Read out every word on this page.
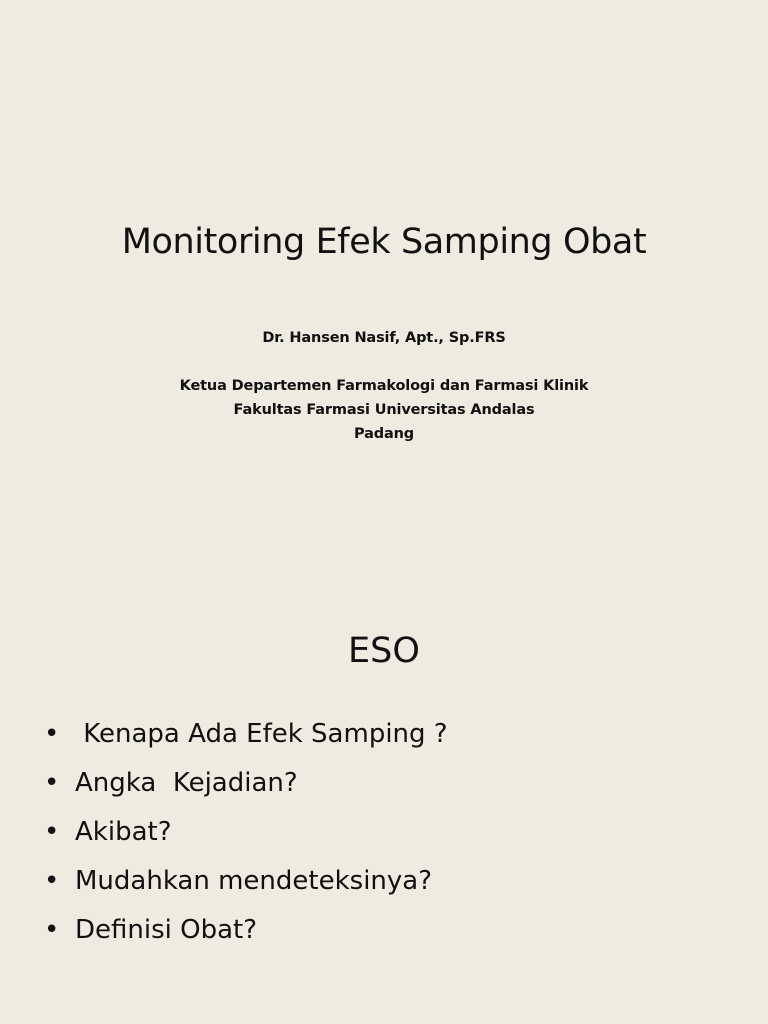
Monitoring Efek Samping Obat
Dr. Hansen Nasif, Apt., Sp.FRS
Ketua Departemen Farmakologi dan Farmasi Klinik
Fakultas Farmasi Universitas Andalas
Padang
ESO
• Kenapa Ada Efek Samping ?
• Angka  Kejadian?
• Akibat?
• Mudahkan mendeteksinya?
• Definisi Obat?
